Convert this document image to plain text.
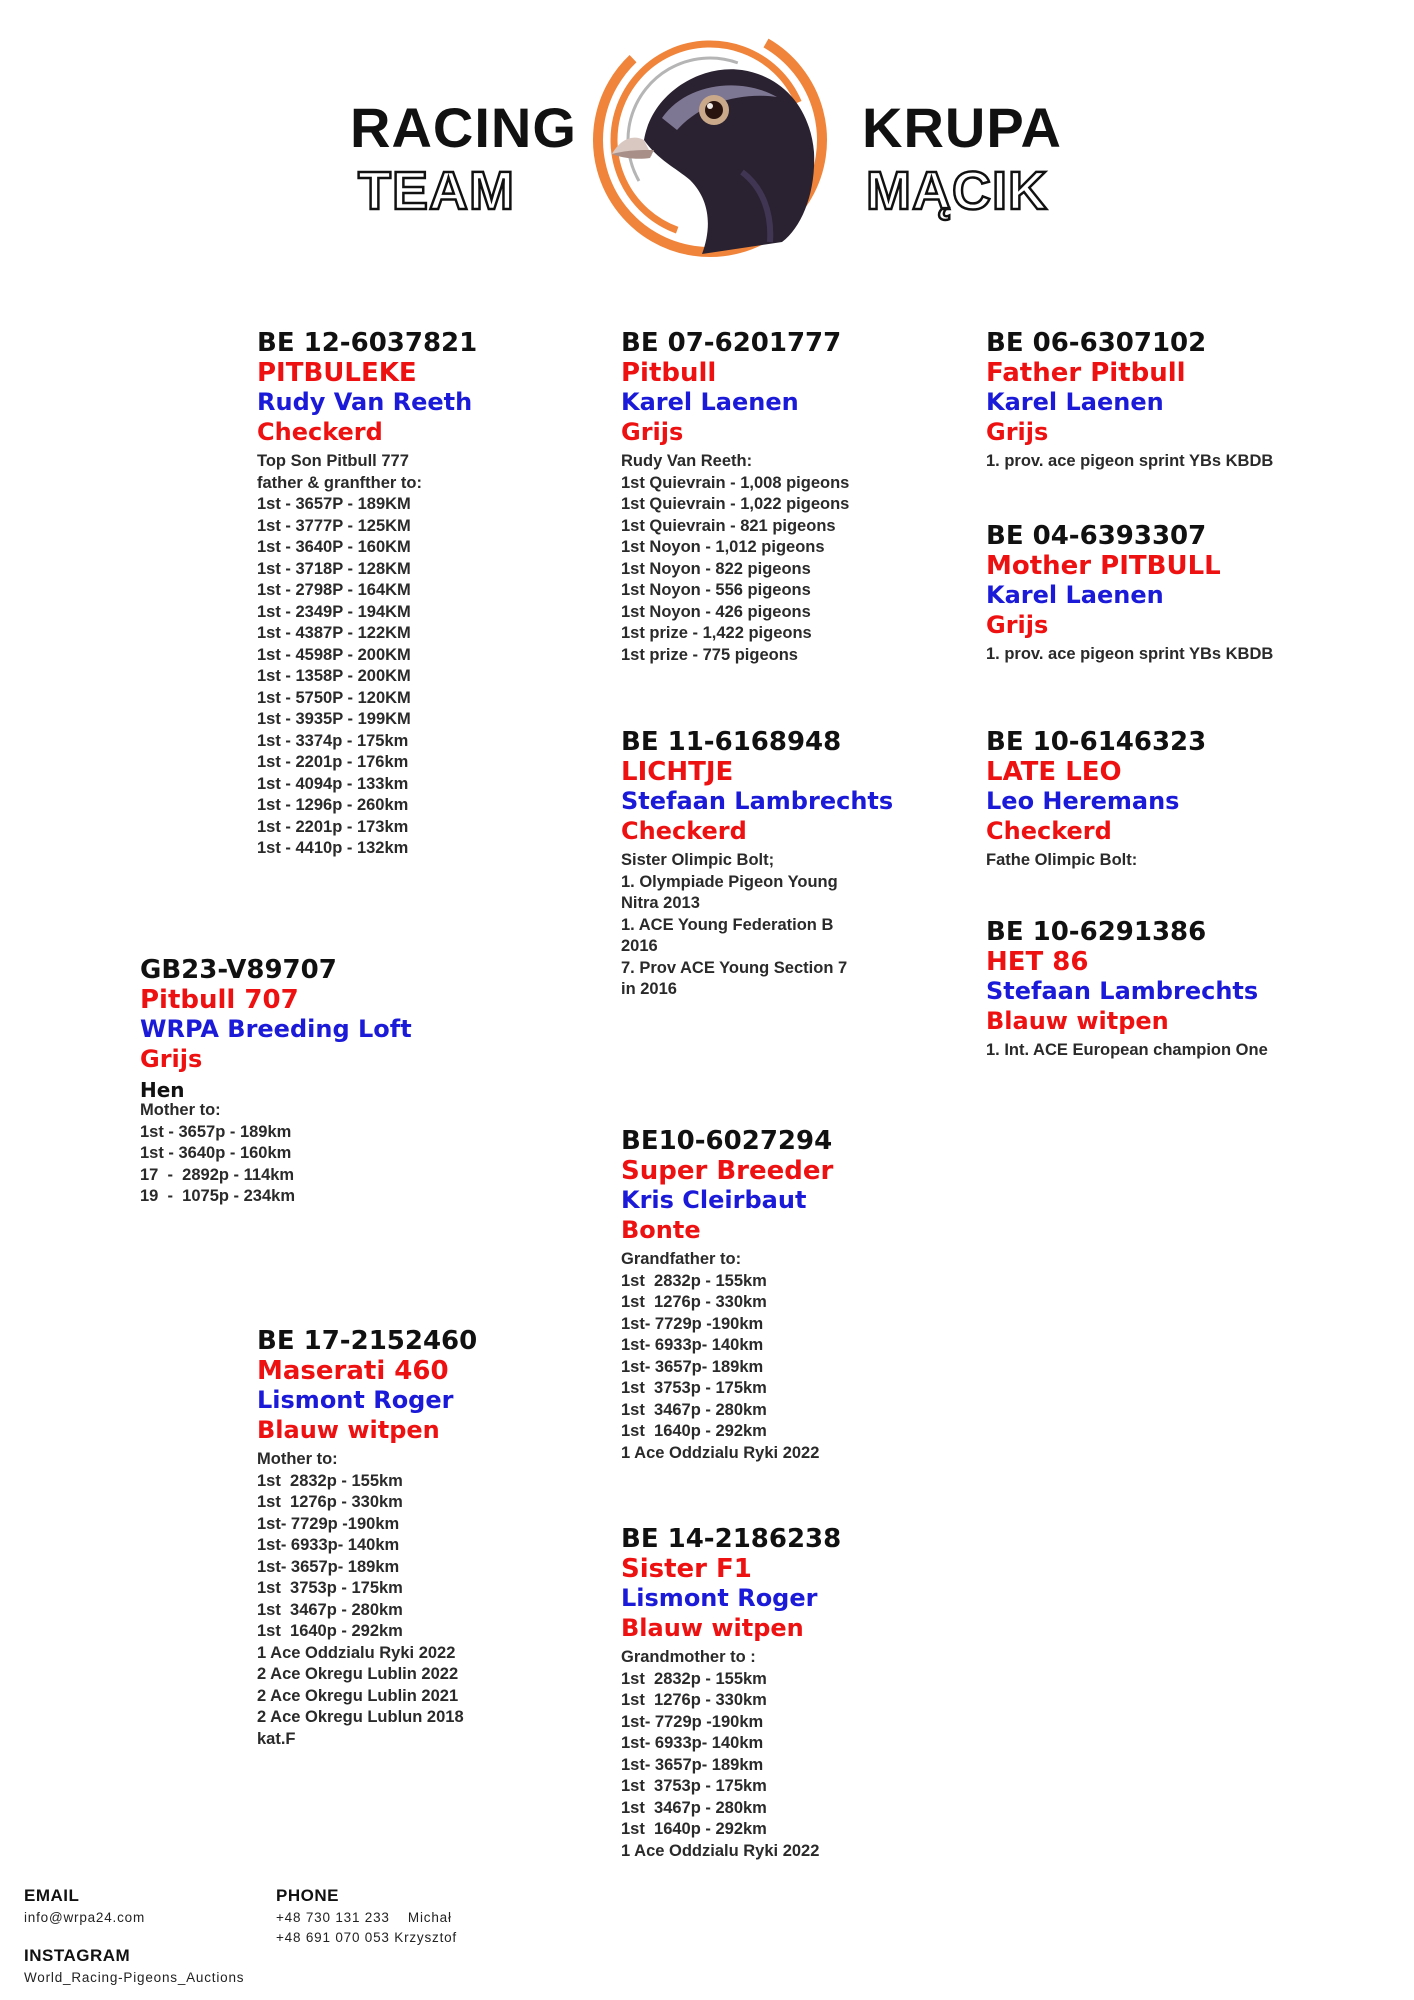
RACING
TEAM
KRUPA
MĄCIK
BE 12-6037821
PITBULEKE
Rudy Van Reeth
Checkerd
Top Son Pitbull 777
father & granfther to:
1st - 3657P - 189KM
1st - 3777P - 125KM
1st - 3640P - 160KM
1st - 3718P - 128KM
1st - 2798P - 164KM
1st - 2349P - 194KM
1st - 4387P - 122KM
1st - 4598P - 200KM
1st - 1358P - 200KM
1st - 5750P - 120KM
1st - 3935P - 199KM
1st - 3374p - 175km
1st - 2201p - 176km
1st - 4094p - 133km
1st - 1296p - 260km
1st - 2201p - 173km
1st - 4410p - 132km
BE 07-6201777
Pitbull
Karel Laenen
Grijs
Rudy Van Reeth:
1st Quievrain - 1,008 pigeons
1st Quievrain - 1,022 pigeons
1st Quievrain - 821 pigeons
1st Noyon - 1,012 pigeons
1st Noyon - 822 pigeons
1st Noyon - 556 pigeons
1st Noyon - 426 pigeons
1st prize - 1,422 pigeons
1st prize - 775 pigeons
BE 06-6307102
Father Pitbull
Karel Laenen
Grijs
1. prov. ace pigeon sprint YBs KBDB
BE 04-6393307
Mother PITBULL
Karel Laenen
Grijs
1. prov. ace pigeon sprint YBs KBDB
BE 11-6168948
LICHTJE
Stefaan Lambrechts
Checkerd
Sister Olimpic Bolt;
1. Olympiade Pigeon Young
Nitra 2013
1. ACE Young Federation B
2016
7. Prov ACE Young Section 7
in 2016
BE 10-6146323
LATE LEO
Leo Heremans
Checkerd
Fathe Olimpic Bolt:
BE 10-6291386
HET 86
Stefaan Lambrechts
Blauw witpen
1. Int. ACE European champion One
GB23-V89707
Pitbull 707
WRPA Breeding Loft
Grijs
Hen
Mother to:
1st - 3657p - 189km
1st - 3640p - 160km
17  -  2892p - 114km
19  -  1075p - 234km
BE10-6027294
Super Breeder
Kris Cleirbaut
Bonte
Grandfather to:
1st  2832p - 155km
1st  1276p - 330km
1st- 7729p -190km
1st- 6933p- 140km
1st- 3657p- 189km
1st  3753p - 175km
1st  3467p - 280km
1st  1640p - 292km
1 Ace Oddzialu Ryki 2022
BE 17-2152460
Maserati 460
Lismont Roger
Blauw witpen
Mother to:
1st  2832p - 155km
1st  1276p - 330km
1st- 7729p -190km
1st- 6933p- 140km
1st- 3657p- 189km
1st  3753p - 175km
1st  3467p - 280km
1st  1640p - 292km
1 Ace Oddzialu Ryki 2022
2 Ace Okregu Lublin 2022
2 Ace Okregu Lublin 2021
2 Ace Okregu Lublun 2018
kat.F
BE 14-2186238
Sister F1
Lismont Roger
Blauw witpen
Grandmother to :
1st  2832p - 155km
1st  1276p - 330km
1st- 7729p -190km
1st- 6933p- 140km
1st- 3657p- 189km
1st  3753p - 175km
1st  3467p - 280km
1st  1640p - 292km
1 Ace Oddzialu Ryki 2022
EMAIL
info@wrpa24.com
PHONE
+48 730 131 233    Michał
+48 691 070 053 Krzysztof
INSTAGRAM
World_Racing-Pigeons_Auctions
